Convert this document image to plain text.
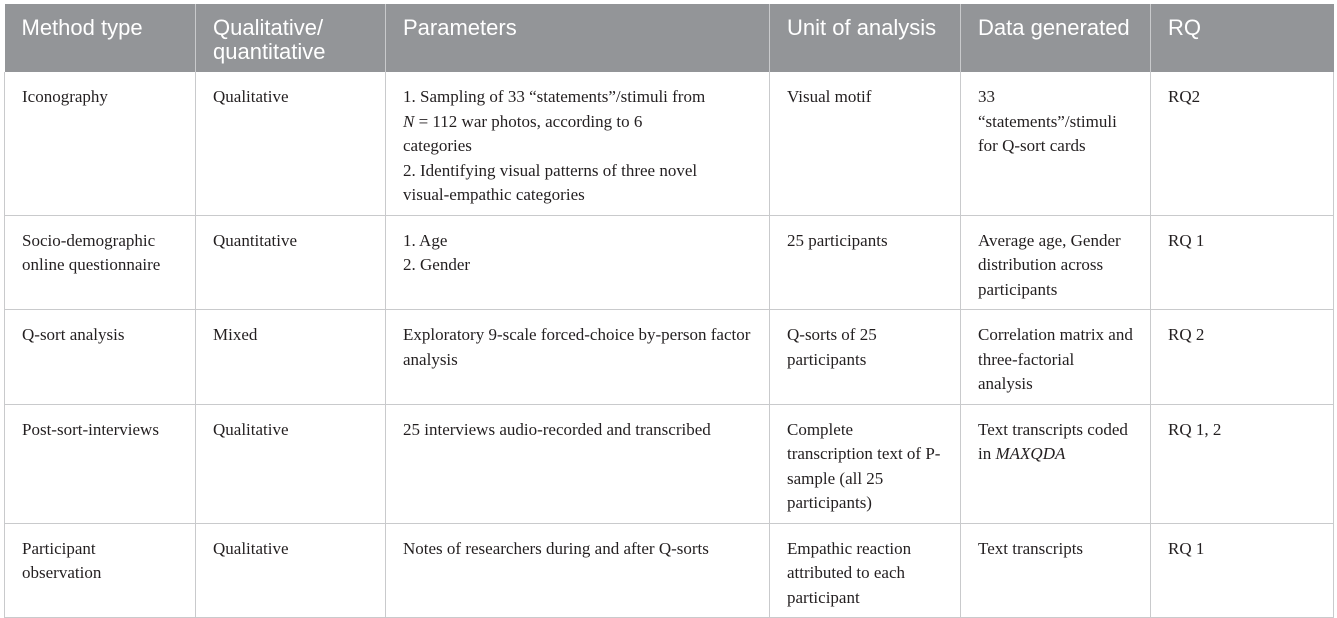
Method type	Qualitative/ quantitative	Parameters	Unit of analysis	Data generated	RQ
Iconography	Qualitative	1. Sampling of 33 “statements”/stimuli from
N = 112 war photos, according to 6
categories
2. Identifying visual patterns of three novel
visual-empathic categories	Visual motif	33 “statements”/stimuli for Q-sort cards	RQ2
Socio-demographic online questionnaire	Quantitative	1. Age
2. Gender	25 participants	Average age, Gender distribution across participants	RQ 1
Q-sort analysis	Mixed	Exploratory 9-scale forced-choice by-person factor analysis	Q-sorts of 25 participants	Correlation matrix and three-factorial analysis	RQ 2
Post-sort-interviews	Qualitative	25 interviews audio-recorded and transcribed	Complete transcription text of P-sample (all 25 participants)	Text transcripts coded in MAXQDA	RQ 1, 2
Participant observation	Qualitative	Notes of researchers during and after Q-sorts	Empathic reaction attributed to each participant	Text transcripts	RQ 1
